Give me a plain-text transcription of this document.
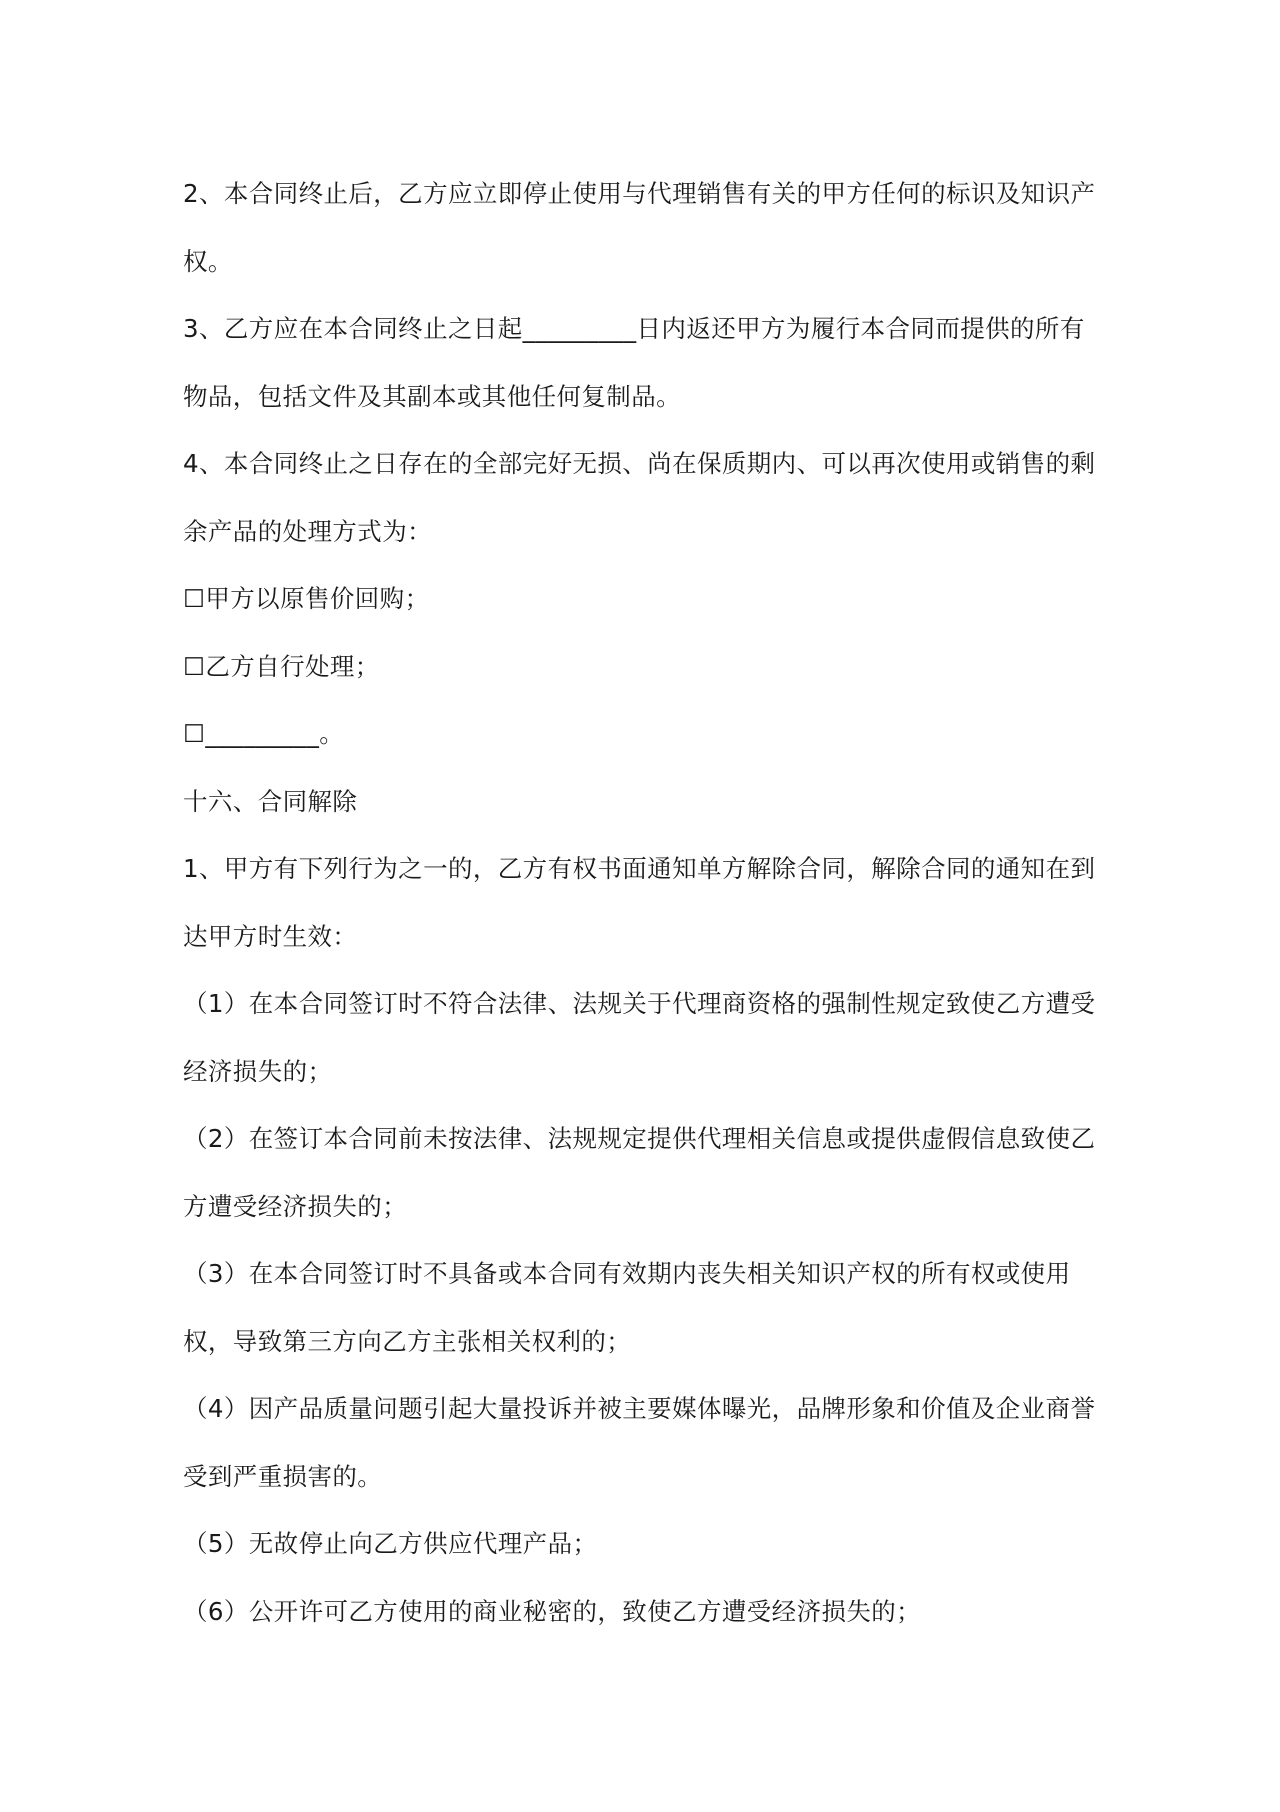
2、本合同终止后，乙方应立即停止使用与代理销售有关的甲方任何的标识及知识产权。

3、乙方应在本合同终止之日起_________日内返还甲方为履行本合同而提供的所有物品，包括文件及其副本或其他任何复制品。

4、本合同终止之日存在的全部完好无损、尚在保质期内、可以再次使用或销售的剩余产品的处理方式为：

☐甲方以原售价回购；

☐乙方自行处理；

☐_________。

十六、合同解除

1、甲方有下列行为之一的，乙方有权书面通知单方解除合同，解除合同的通知在到达甲方时生效：

（1）在本合同签订时不符合法律、法规关于代理商资格的强制性规定致使乙方遭受经济损失的；

（2）在签订本合同前未按法律、法规规定提供代理相关信息或提供虚假信息致使乙方遭受经济损失的；

（3）在本合同签订时不具备或本合同有效期内丧失相关知识产权的所有权或使用权，导致第三方向乙方主张相关权利的；

（4）因产品质量问题引起大量投诉并被主要媒体曝光，品牌形象和价值及企业商誉受到严重损害的。

（5）无故停止向乙方供应代理产品；

（6）公开许可乙方使用的商业秘密的，致使乙方遭受经济损失的；
